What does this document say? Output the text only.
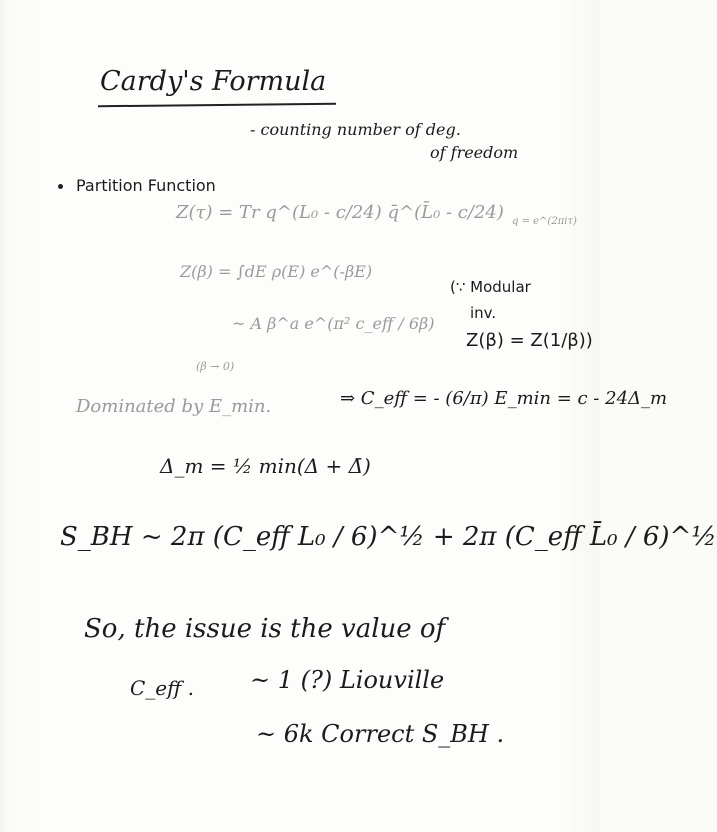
Cardy's Formula
- counting number of deg.
of freedom
Partition Function
Z(τ) = Tr q^(L₀ - c/24) q̄^(L̄₀ - c/24) q = e^(2πiτ)
Z(β) = ∫dE ρ(E) e^(-βE)
~ A β^a e^(π² c_eff / 6β)
(β → 0)
(∵ Modular
inv.
Z(β) = Z(1/β))
Dominated by E_min.	⇒ C_eff = - (6/π) E_min = c - 24Δ_m
Δ_m = ½ min(Δ + Δ̄)
S_BH ~ 2π (C_eff L₀ / 6)^½ + 2π (C_eff L̄₀ / 6)^½
So, the issue is the value of
C_eff . ~ 1 (?) Liouville
~ 6k Correct S_BH .
